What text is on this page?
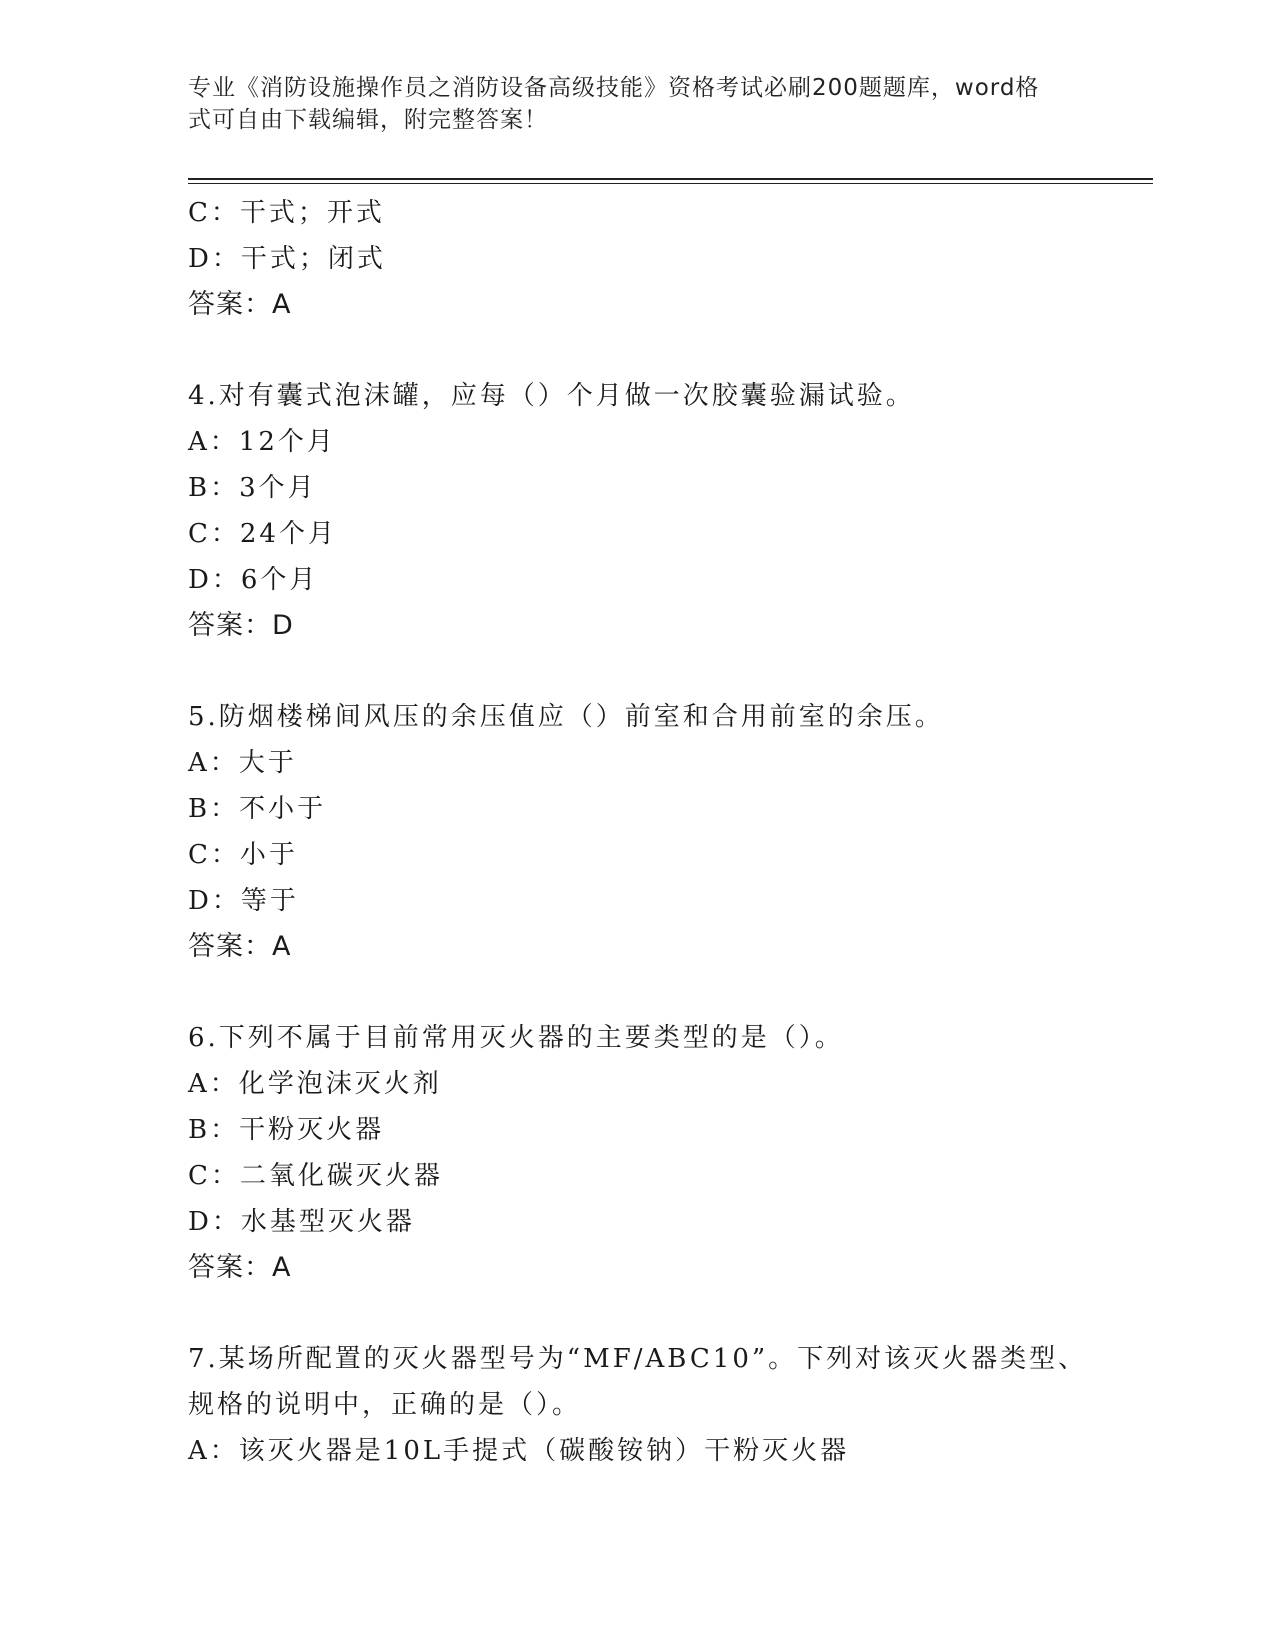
专业《消防设施操作员之消防设备高级技能》资格考试必刷200题题库，word格
式可自由下载编辑，附完整答案！
C：干式；开式
D：干式；闭式
答案：A
4.对有囊式泡沫罐，应每（）个月做一次胶囊验漏试验。
A：12个月
B：3个月
C：24个月
D：6个月
答案：D
5.防烟楼梯间风压的余压值应（）前室和合用前室的余压。
A：大于
B：不小于
C：小于
D：等于
答案：A
6.下列不属于目前常用灭火器的主要类型的是（）。
A：化学泡沫灭火剂
B：干粉灭火器
C：二氧化碳灭火器
D：水基型灭火器
答案：A
7.某场所配置的灭火器型号为“MF/ABC10”。下列对该灭火器类型、
规格的说明中，正确的是（）。
A：该灭火器是10L手提式（碳酸铵钠）干粉灭火器
